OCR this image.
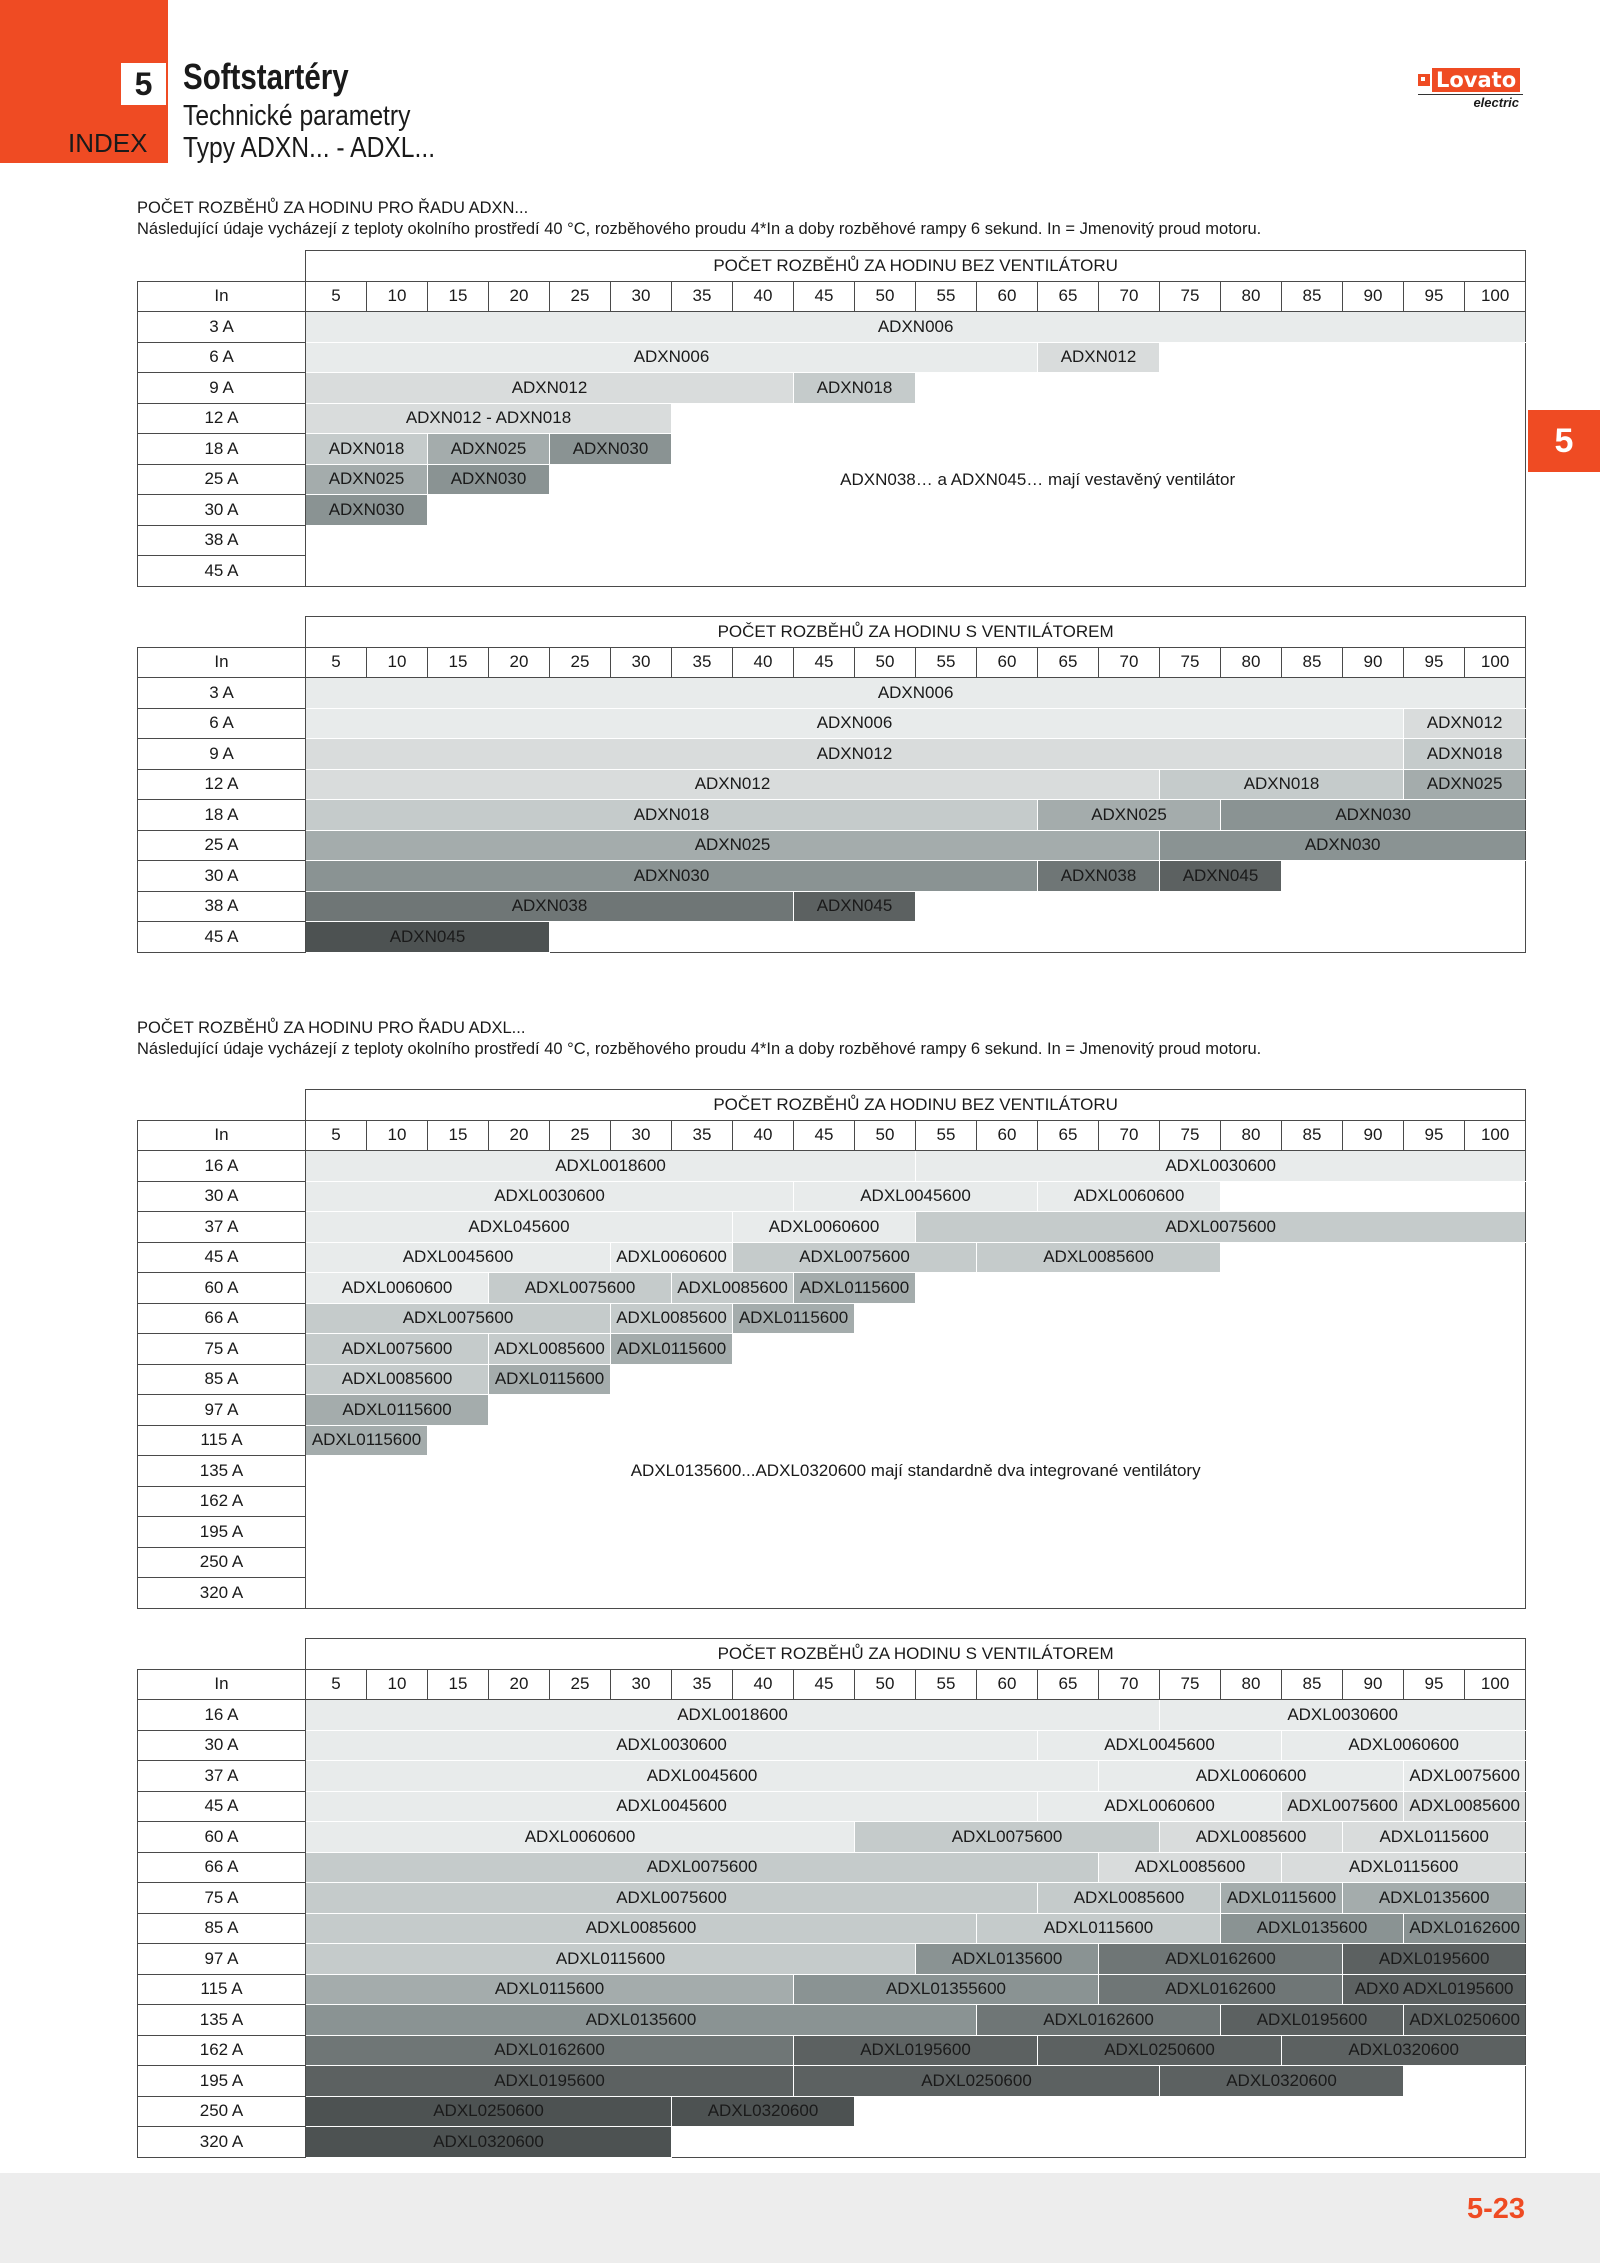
5
INDEX
Softstartéry
Technické parametry
Typy ADXN... - ADXL...
Lovato
electric
5
POČET ROZBĚHŮ ZA HODINU PRO ŘADU ADXN...
Následující údaje vycházejí z teploty okolního prostředí 40 °C, rozběhového proudu 4*In a doby rozběhové rampy 6 sekund. In = Jmenovitý proud motoru.
	POČET ROZBĚHŮ ZA HODINU BEZ VENTILÁTORU																			
In	5	10	15	20	25	30	35	40	45	50	55	60	65	70	75	80	85	90	95	100
3 A	ADXN006																			
6 A	ADXN006												ADXN012							
9 A	ADXN012								ADXN018											
12 A	ADXN012 - ADXN018																			
18 A	ADXN018		ADXN025		ADXN030															
25 A	ADXN025		ADXN030		ADXN038… a ADXN045… mají vestavěný ventilátor															
30 A	ADXN030																			
38 A																				
45 A																				
	POČET ROZBĚHŮ ZA HODINU S VENTILÁTOREM																			
In	5	10	15	20	25	30	35	40	45	50	55	60	65	70	75	80	85	90	95	100
3 A	ADXN006																			
6 A	ADXN006																		ADXN012	
9 A	ADXN012																		ADXN018	
12 A	ADXN012														ADXN018				ADXN025	
18 A	ADXN018												ADXN025			ADXN030				
25 A	ADXN025														ADXN030					
30 A	ADXN030												ADXN038		ADXN045					
38 A	ADXN038								ADXN045											
45 A	ADXN045																			
POČET ROZBĚHŮ ZA HODINU PRO ŘADU ADXL...
Následující údaje vycházejí z teploty okolního prostředí 40 °C, rozběhového proudu 4*In a doby rozběhové rampy 6 sekund. In = Jmenovitý proud motoru.
	POČET ROZBĚHŮ ZA HODINU BEZ VENTILÁTORU																			
In	5	10	15	20	25	30	35	40	45	50	55	60	65	70	75	80	85	90	95	100
16 A	ADXL0018600										ADXL0030600									
30 A	ADXL0030600								ADXL0045600				ADXL0060600							
37 A	ADXL045600							ADXL0060600			ADXL0075600									
45 A	ADXL0045600					ADXL0060600		ADXL0075600				ADXL0085600								
60 A	ADXL0060600			ADXL0075600			ADXL0085600		ADXL0115600											
66 A	ADXL0075600					ADXL0085600		ADXL0115600												
75 A	ADXL0075600			ADXL0085600		ADXL0115600														
85 A	ADXL0085600			ADXL0115600																
97 A	ADXL0115600																			
115 A	ADXL0115600																			
135 A	ADXL0135600...ADXL0320600 mají standardně dva integrované ventilátory																			
162 A																				
195 A																				
250 A																				
320 A																				
	POČET ROZBĚHŮ ZA HODINU S VENTILÁTOREM																			
In	5	10	15	20	25	30	35	40	45	50	55	60	65	70	75	80	85	90	95	100
16 A	ADXL0018600														ADXL0030600					
30 A	ADXL0030600												ADXL0045600				ADXL0060600			
37 A	ADXL0045600													ADXL0060600					ADXL0075600	
45 A	ADXL0045600												ADXL0060600				ADXL0075600		ADXL0085600	
60 A	ADXL0060600									ADXL0075600					ADXL0085600			ADXL0115600		
66 A	ADXL0075600													ADXL0085600			ADXL0115600			
75 A	ADXL0075600												ADXL0085600			ADXL0115600		ADXL0135600		
85 A	ADXL0085600											ADXL0115600				ADXL0135600			ADXL0162600	
97 A	ADXL0115600										ADXL0135600			ADXL0162600				ADXL0195600		
115 A	ADXL0115600								ADXL01355600					ADXL0162600				ADX0 ADXL0195600		
135 A	ADXL0135600											ADXL0162600				ADXL0195600			ADXL0250600	
162 A	ADXL0162600								ADXL0195600				ADXL0250600				ADXL0320600			
195 A	ADXL0195600								ADXL0250600						ADXL0320600					
250 A	ADXL0250600						ADXL0320600													
320 A	ADXL0320600																			
5-23
